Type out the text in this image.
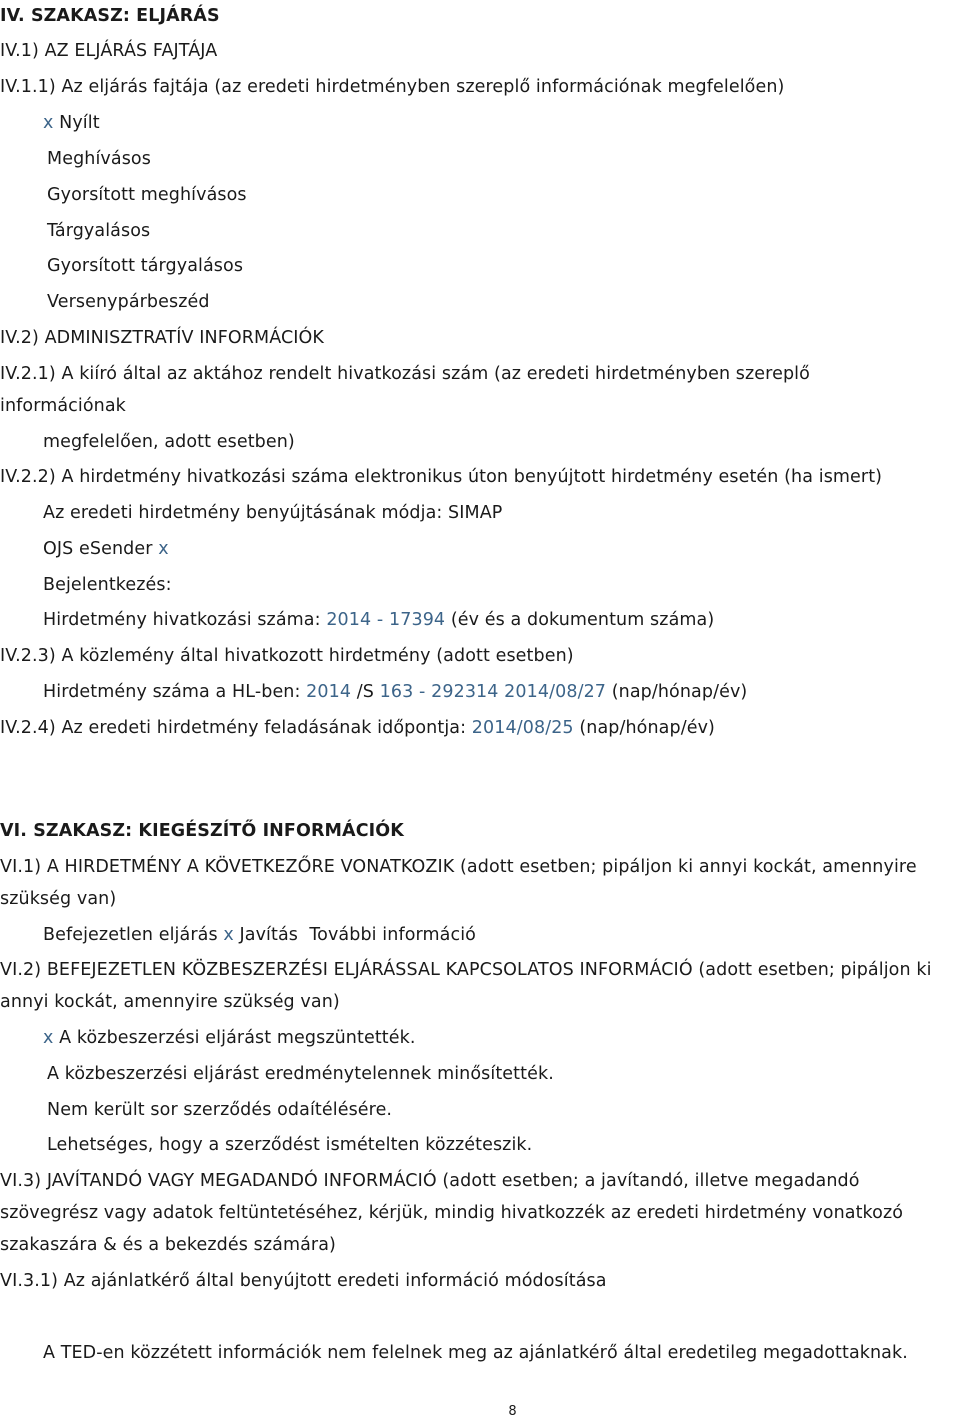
IV. SZAKASZ: ELJÁRÁS
IV.1) AZ ELJÁRÁS FAJTÁJA
IV.1.1) Az eljárás fajtája (az eredeti hirdetményben szereplő információnak megfelelően)
x Nyílt
Meghívásos
Gyorsított meghívásos
Tárgyalásos
Gyorsított tárgyalásos
Versenypárbeszéd
IV.2) ADMINISZTRATÍV INFORMÁCIÓK
IV.2.1) A kiíró által az aktához rendelt hivatkozási szám (az eredeti hirdetményben szereplő
információnak
megfelelően, adott esetben)
IV.2.2) A hirdetmény hivatkozási száma elektronikus úton benyújtott hirdetmény esetén (ha ismert)
Az eredeti hirdetmény benyújtásának módja: SIMAP
OJS eSender x
Bejelentkezés:
Hirdetmény hivatkozási száma: 2014 - 17394 (év és a dokumentum száma)
IV.2.3) A közlemény által hivatkozott hirdetmény (adott esetben)
Hirdetmény száma a HL-ben: 2014 /S 163 - 292314 2014/08/27 (nap/hónap/év)
IV.2.4) Az eredeti hirdetmény feladásának időpontja: 2014/08/25 (nap/hónap/év)
VI. SZAKASZ: KIEGÉSZÍTŐ INFORMÁCIÓK
VI.1) A HIRDETMÉNY A KÖVETKEZŐRE VONATKOZIK (adott esetben; pipáljon ki annyi kockát, amennyire
szükség van)
Befejezetlen eljárás x Javítás További információ
VI.2) BEFEJEZETLEN KÖZBESZERZÉSI ELJÁRÁSSAL KAPCSOLATOS INFORMÁCIÓ (adott esetben; pipáljon ki
annyi kockát, amennyire szükség van)
x A közbeszerzési eljárást megszüntették.
A közbeszerzési eljárást eredménytelennek minősítették.
Nem került sor szerződés odaítélésére.
Lehetséges, hogy a szerződést ismételten közzéteszik.
VI.3) JAVÍTANDÓ VAGY MEGADANDÓ INFORMÁCIÓ (adott esetben; a javítandó, illetve megadandó
szövegrész vagy adatok feltüntetéséhez, kérjük, mindig hivatkozzék az eredeti hirdetmény vonatkozó
szakaszára & és a bekezdés számára)
VI.3.1) Az ajánlatkérő által benyújtott eredeti információ módosítása
A TED-en közzétett információk nem felelnek meg az ajánlatkérő által eredetileg megadottaknak.
8
